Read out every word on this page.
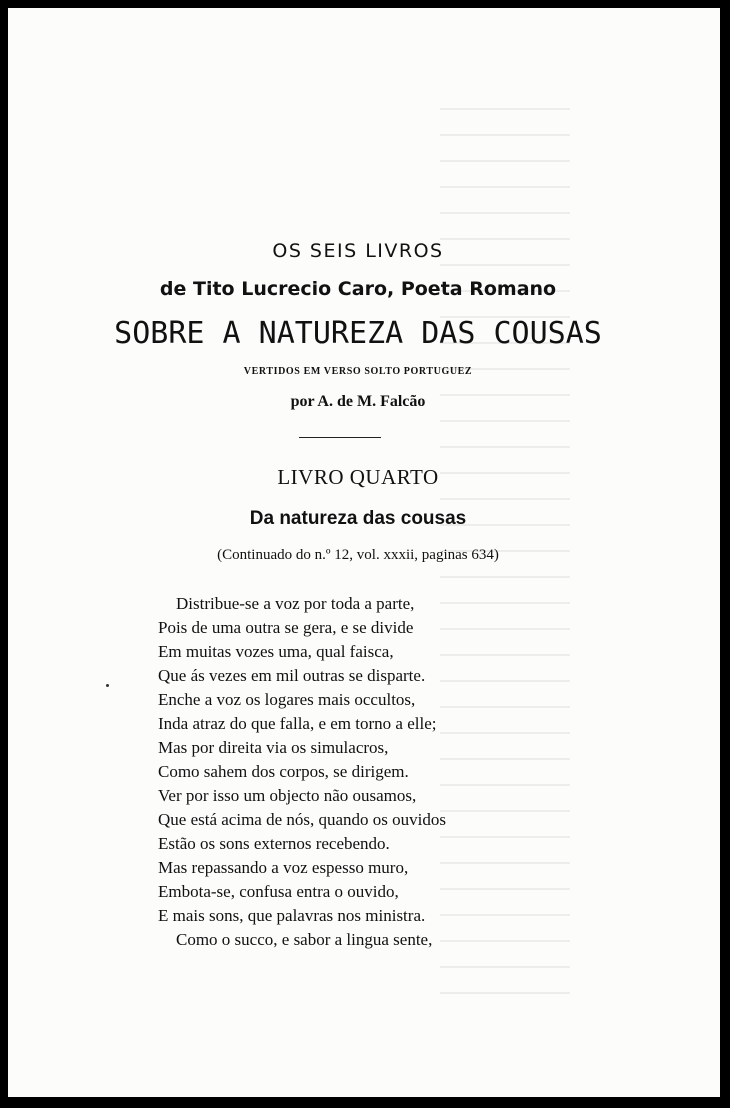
OS SEIS LIVROS
de Tito Lucrecio Caro, Poeta Romano
SOBRE A NATUREZA DAS COUSAS
VERTIDOS EM VERSO SOLTO PORTUGUEZ
por A. de M. Falcão
LIVRO QUARTO
Da natureza das cousas
(Continuado do n.º 12, vol. xxxii, paginas 634)
Distribue-se a voz por toda a parte,
Pois de uma outra se gera, e se divide
Em muitas vozes uma, qual faisca,
Que ás vezes em mil outras se disparte.
Enche a voz os logares mais occultos,
Inda atraz do que falla, e em torno a elle;
Mas por direita via os simulacros,
Como sahem dos corpos, se dirigem.
Ver por isso um objecto não ousamos,
Que está acima de nós, quando os ouvidos
Estão os sons externos recebendo.
Mas repassando a voz espesso muro,
Embota-se, confusa entra o ouvido,
E mais sons, que palavras nos ministra.
Como o succo, e sabor a lingua sente,
